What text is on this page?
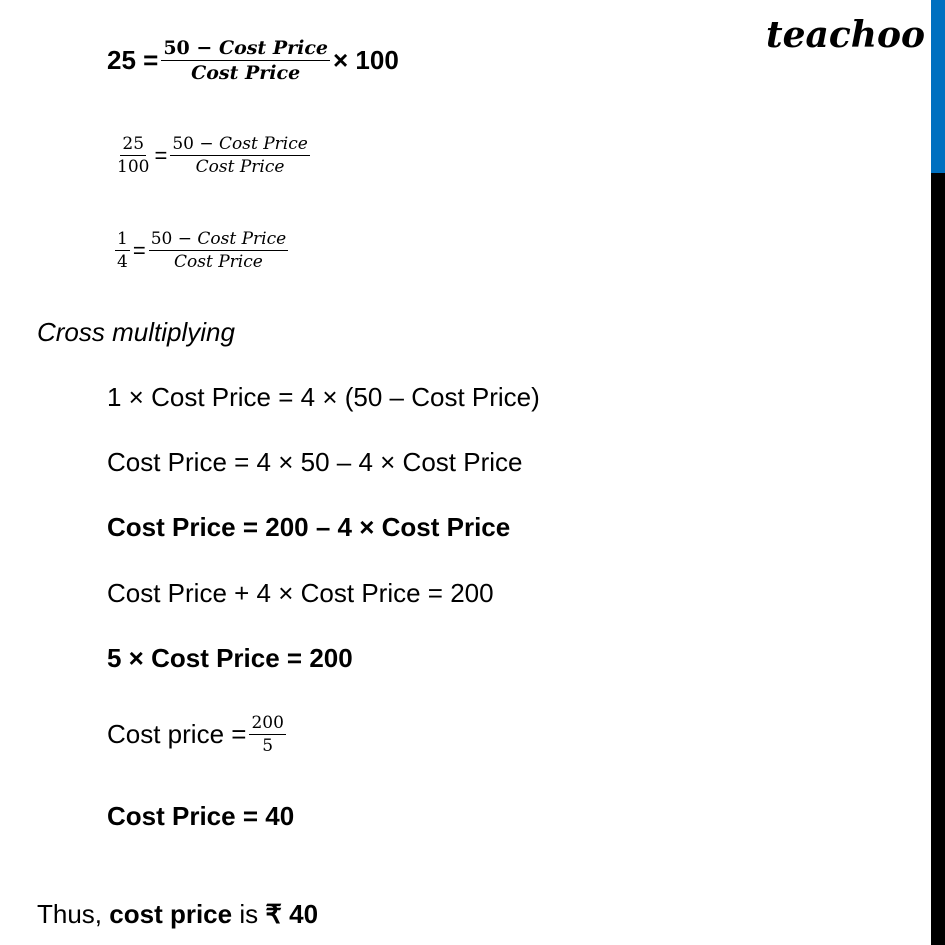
teachoo
$25 = \frac{\text{50 − Cost Price}}{\text{Cost Price}} \times 100$
$\frac{25}{100} = \frac{\text{50 − Cost Price}}{\text{Cost Price}}$
$\frac{1}{4} = \frac{\text{50 − Cost Price}}{\text{Cost Price}}$
Cross multiplying
1 × Cost Price = 4 × (50 – Cost Price)
Cost Price = 4 × 50 – 4 × Cost Price
Cost Price = 200 – 4 × Cost Price
Cost Price + 4 × Cost Price = 200
5 × Cost Price = 200
Cost price = $\frac{200}{5}$
Cost Price = 40
Thus, cost price is ₹ 40
